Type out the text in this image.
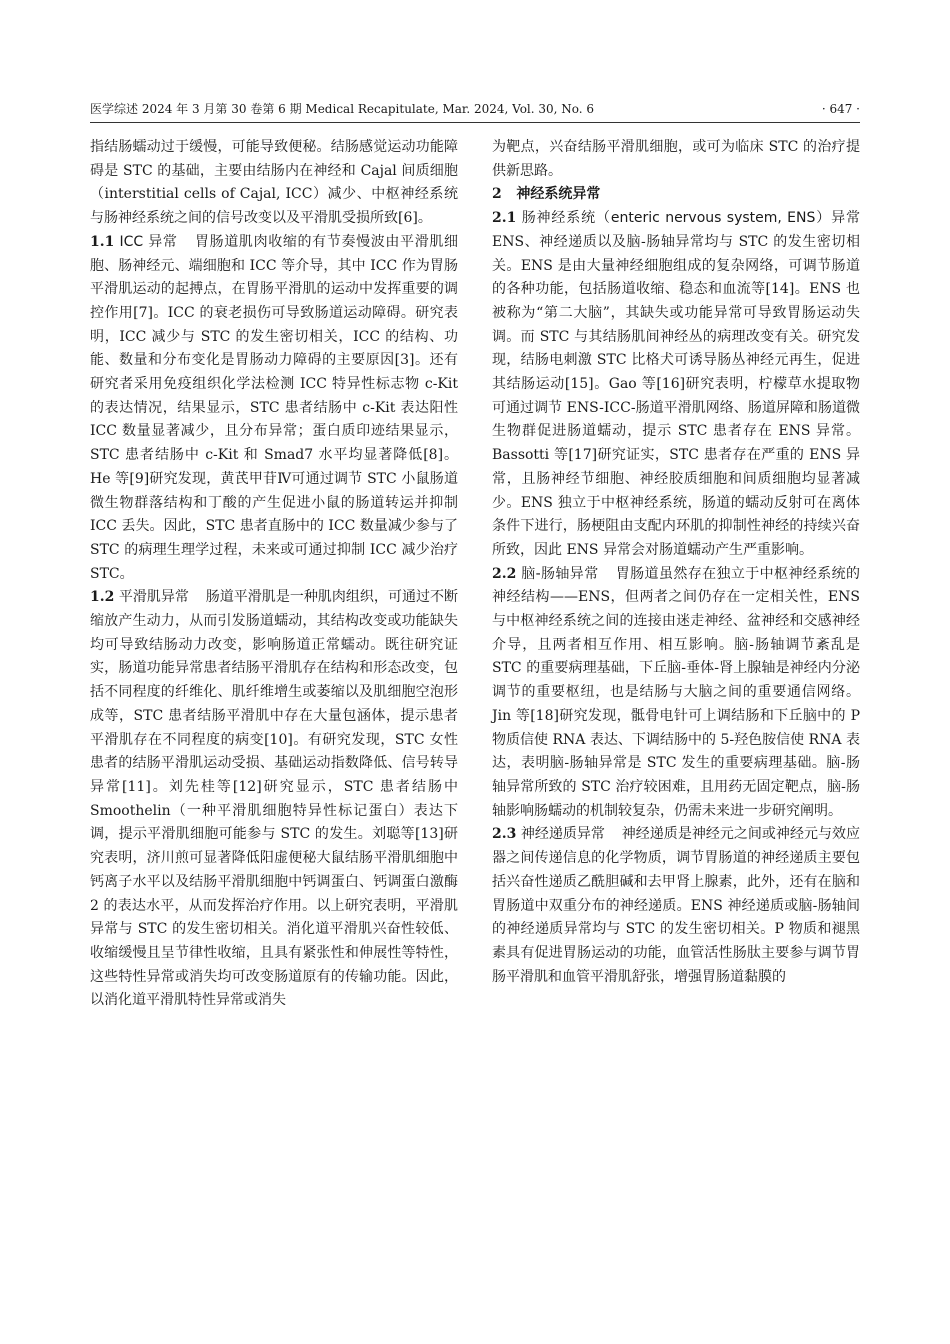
医学综述 2024 年 3 月第 30 卷第 6 期 Medical Recapitulate, Mar. 2024, Vol. 30, No. 6	· 647 ·

指结肠蠕动过于缓慢，可能导致便秘。结肠感觉运动功能障碍是 STC 的基础，主要由结肠内在神经和 Cajal 间质细胞（interstitial cells of Cajal, ICC）减少、中枢神经系统与肠神经系统之间的信号改变以及平滑肌受损所致[6]。

1.1 ICC 异常 胃肠道肌肉收缩的有节奏慢波由平滑肌细胞、肠神经元、端细胞和 ICC 等介导，其中 ICC 作为胃肠平滑肌运动的起搏点，在胃肠平滑肌的运动中发挥重要的调控作用[7]。ICC 的衰老损伤可导致肠道运动障碍。研究表明，ICC 减少与 STC 的发生密切相关，ICC 的结构、功能、数量和分布变化是胃肠动力障碍的主要原因[3]。还有研究者采用免疫组织化学法检测 ICC 特异性标志物 c-Kit 的表达情况，结果显示，STC 患者结肠中 c-Kit 表达阳性 ICC 数量显著减少，且分布异常；蛋白质印迹结果显示，STC 患者结肠中 c-Kit 和 Smad7 水平均显著降低[8]。He 等[9]研究发现，黄芪甲苷Ⅳ可通过调节 STC 小鼠肠道微生物群落结构和丁酸的产生促进小鼠的肠道转运并抑制 ICC 丢失。因此，STC 患者直肠中的 ICC 数量减少参与了 STC 的病理生理学过程，未来或可通过抑制 ICC 减少治疗 STC。

1.2 平滑肌异常 肠道平滑肌是一种肌肉组织，可通过不断缩放产生动力，从而引发肠道蠕动，其结构改变或功能缺失均可导致结肠动力改变，影响肠道正常蠕动。既往研究证实，肠道功能异常患者结肠平滑肌存在结构和形态改变，包括不同程度的纤维化、肌纤维增生或萎缩以及肌细胞空泡形成等，STC 患者结肠平滑肌中存在大量包涵体，提示患者平滑肌存在不同程度的病变[10]。有研究发现，STC 女性患者的结肠平滑肌运动受损、基础运动指数降低、信号转导异常[11]。刘先桂等[12]研究显示，STC 患者结肠中 Smoothelin（一种平滑肌细胞特异性标记蛋白）表达下调，提示平滑肌细胞可能参与 STC 的发生。刘聪等[13]研究表明，济川煎可显著降低阳虚便秘大鼠结肠平滑肌细胞中钙离子水平以及结肠平滑肌细胞中钙调蛋白、钙调蛋白激酶 2 的表达水平，从而发挥治疗作用。以上研究表明，平滑肌异常与 STC 的发生密切相关。消化道平滑肌兴奋性较低、收缩缓慢且呈节律性收缩，且具有紧张性和伸展性等特性，这些特性异常或消失均可改变肠道原有的传输功能。因此，以消化道平滑肌特性异常或消失

为靶点，兴奋结肠平滑肌细胞，或可为临床 STC 的治疗提供新思路。

2 神经系统异常

2.1 肠神经系统（enteric nervous system, ENS）异常 ENS、神经递质以及脑-肠轴异常均与 STC 的发生密切相关。ENS 是由大量神经细胞组成的复杂网络，可调节肠道的各种功能，包括肠道收缩、稳态和血流等[14]。ENS 也被称为“第二大脑”，其缺失或功能异常可导致胃肠运动失调。而 STC 与其结肠肌间神经丛的病理改变有关。研究发现，结肠电刺激 STC 比格犬可诱导肠丛神经元再生，促进其结肠运动[15]。Gao 等[16]研究表明，柠檬草水提取物可通过调节 ENS-ICC-肠道平滑肌网络、肠道屏障和肠道微生物群促进肠道蠕动，提示 STC 患者存在 ENS 异常。Bassotti 等[17]研究证实，STC 患者存在严重的 ENS 异常，且肠神经节细胞、神经胶质细胞和间质细胞均显著减少。ENS 独立于中枢神经系统，肠道的蠕动反射可在离体条件下进行，肠梗阻由支配内环肌的抑制性神经的持续兴奋所致，因此 ENS 异常会对肠道蠕动产生严重影响。

2.2 脑-肠轴异常 胃肠道虽然存在独立于中枢神经系统的神经结构——ENS，但两者之间仍存在一定相关性，ENS 与中枢神经系统之间的连接由迷走神经、盆神经和交感神经介导，且两者相互作用、相互影响。脑-肠轴调节紊乱是 STC 的重要病理基础，下丘脑-垂体-肾上腺轴是神经内分泌调节的重要枢纽，也是结肠与大脑之间的重要通信网络。Jin 等[18]研究发现，骶骨电针可上调结肠和下丘脑中的 P 物质信使 RNA 表达、下调结肠中的 5-羟色胺信使 RNA 表达，表明脑-肠轴异常是 STC 发生的重要病理基础。脑-肠轴异常所致的 STC 治疗较困难，且用药无固定靶点，脑-肠轴影响肠蠕动的机制较复杂，仍需未来进一步研究阐明。

2.3 神经递质异常 神经递质是神经元之间或神经元与效应器之间传递信息的化学物质，调节胃肠道的神经递质主要包括兴奋性递质乙酰胆碱和去甲肾上腺素，此外，还有在脑和胃肠道中双重分布的神经递质。ENS 神经递质或脑-肠轴间的神经递质异常均与 STC 的发生密切相关。P 物质和褪黑素具有促进胃肠运动的功能，血管活性肠肽主要参与调节胃肠平滑肌和血管平滑肌舒张，增强胃肠道黏膜的
